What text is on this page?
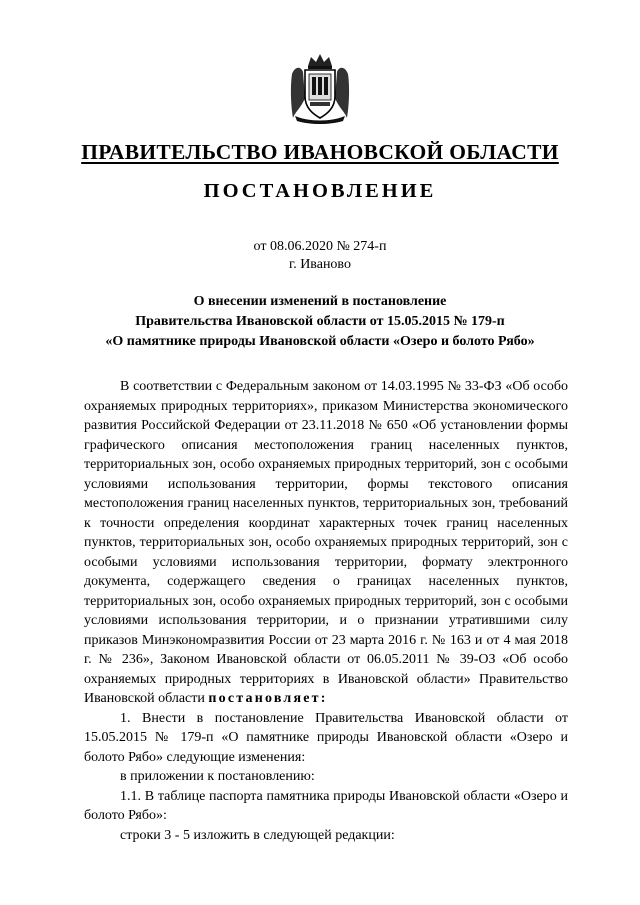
ПРАВИТЕЛЬСТВО ИВАНОВСКОЙ ОБЛАСТИ
ПОСТАНОВЛЕНИЕ
от 08.06.2020 № 274-п
г. Иваново
О внесении изменений в постановление
Правительства Ивановской области от 15.05.2015 № 179-п
«О памятнике природы Ивановской области «Озеро и болото Рябо»

В соответствии с Федеральным законом от 14.03.1995 № 33-ФЗ «Об особо охраняемых природных территориях», приказом Министерства экономического развития Российской Федерации от 23.11.2018 № 650 «Об установлении формы графического описания местоположения границ населенных пунктов, территориальных зон, особо охраняемых природных территорий, зон с особыми условиями использования территории, формы текстового описания местоположения границ населенных пунктов, территориальных зон, требований к точности определения координат характерных точек границ населенных пунктов, территориальных зон, особо охраняемых природных территорий, зон с особыми условиями использования территории, формату электронного документа, содержащего сведения о границах населенных пунктов, территориальных зон, особо охраняемых природных территорий, зон с особыми условиями использования территории, и о признании утратившими силу приказов Минэкономразвития России от 23 марта 2016 г. № 163 и от 4 мая 2018 г. № 236», Законом Ивановской области от 06.05.2011 № 39-ОЗ «Об особо охраняемых природных территориях в Ивановской области» Правительство Ивановской области постановляет:

1. Внести в постановление Правительства Ивановской области от 15.05.2015 № 179-п «О памятнике природы Ивановской области «Озеро и болото Рябо» следующие изменения:

в приложении к постановлению:

1.1. В таблице паспорта памятника природы Ивановской области «Озеро и болото Рябо»:

строки 3 - 5 изложить в следующей редакции:
